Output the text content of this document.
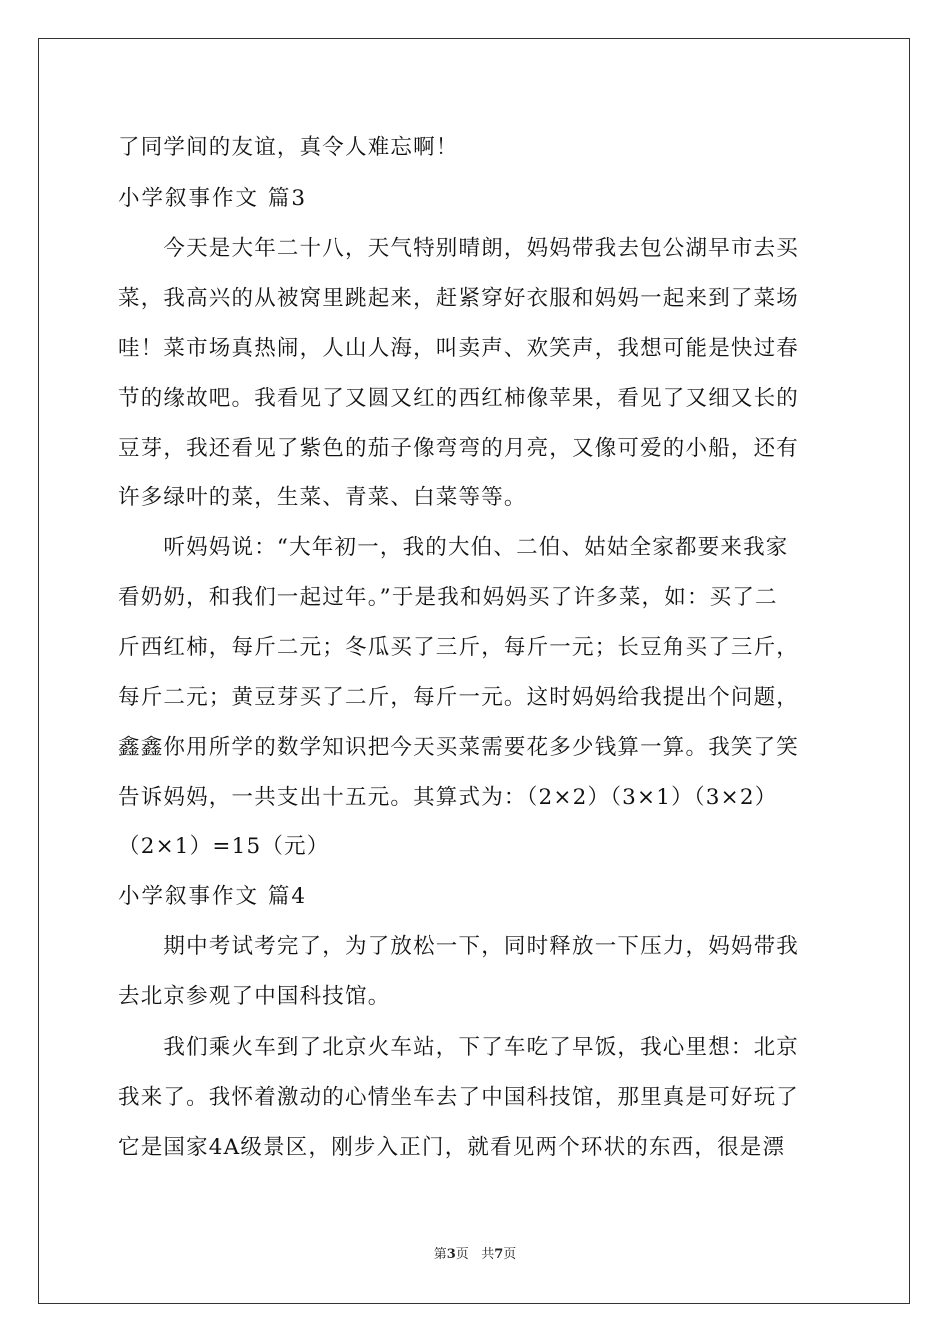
了同学间的友谊，真令人难忘啊！
小学叙事作文 篇3
　　今天是大年二十八，天气特别晴朗，妈妈带我去包公湖早市去买
菜，我高兴的从被窝里跳起来，赶紧穿好衣服和妈妈一起来到了菜场
哇！菜市场真热闹，人山人海，叫卖声、欢笑声，我想可能是快过春
节的缘故吧。我看见了又圆又红的西红柿像苹果，看见了又细又长的
豆芽，我还看见了紫色的茄子像弯弯的月亮，又像可爱的小船，还有
许多绿叶的菜，生菜、青菜、白菜等等。
　　听妈妈说：“大年初一，我的大伯、二伯、姑姑全家都要来我家
看奶奶，和我们一起过年。”于是我和妈妈买了许多菜，如：买了二
斤西红柿，每斤二元；冬瓜买了三斤，每斤一元；长豆角买了三斤，
每斤二元；黄豆芽买了二斤，每斤一元。这时妈妈给我提出个问题，
鑫鑫你用所学的数学知识把今天买菜需要花多少钱算一算。我笑了笑
告诉妈妈，一共支出十五元。其算式为：（2×2）（3×1）（3×2）
（2×1）=15（元）
小学叙事作文 篇4
　　期中考试考完了，为了放松一下，同时释放一下压力，妈妈带我
去北京参观了中国科技馆。
　　我们乘火车到了北京火车站，下了车吃了早饭，我心里想：北京
我来了。我怀着激动的心情坐车去了中国科技馆，那里真是可好玩了
它是国家4A级景区，刚步入正门，就看见两个环状的东西，很是漂
第3页 共7页
